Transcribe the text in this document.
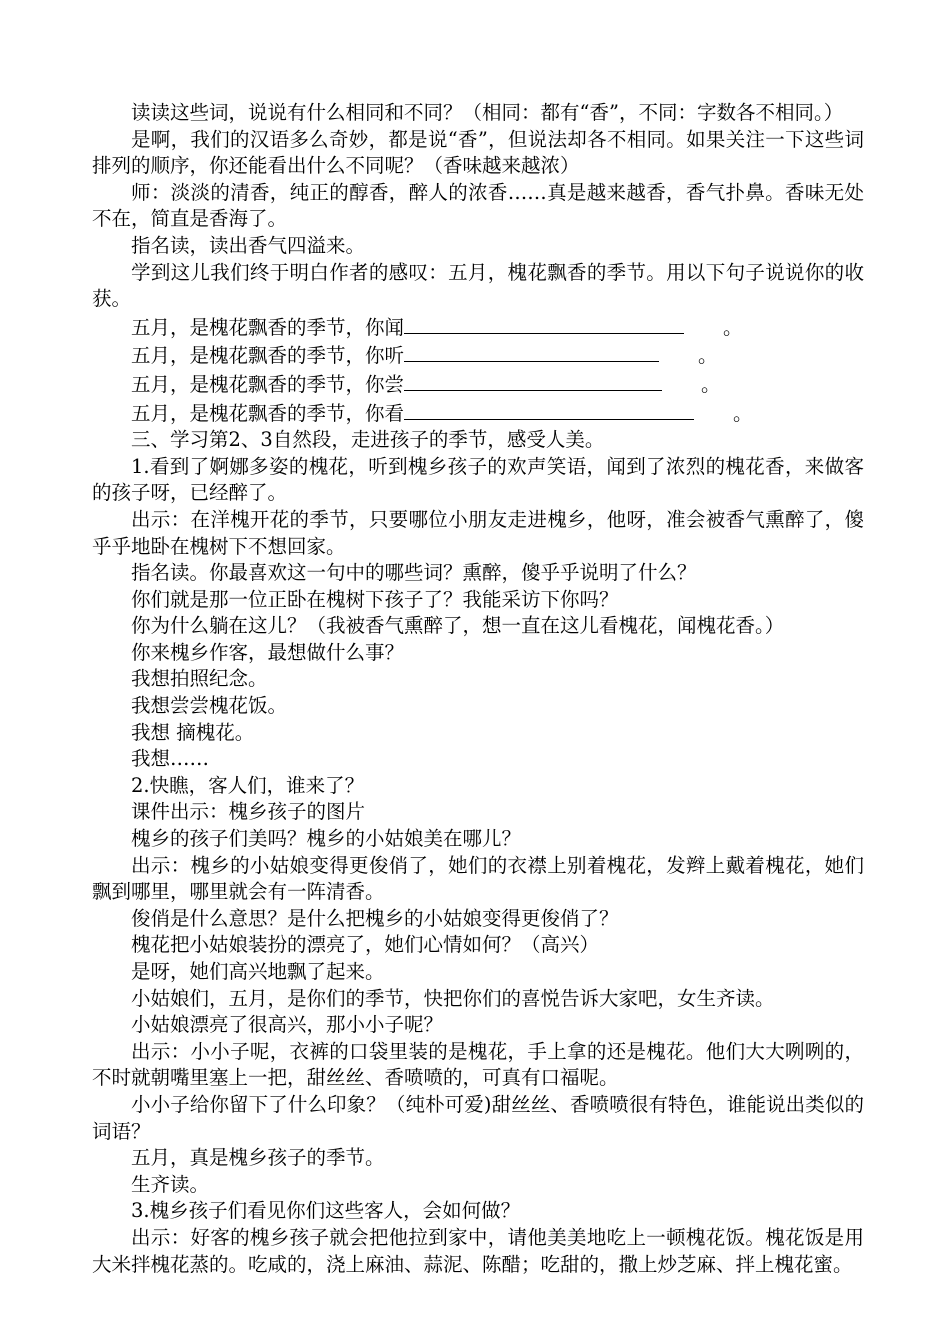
读读这些词，说说有什么相同和不同？（相同：都有“香”，不同：字数各不相同。）

是啊，我们的汉语多么奇妙，都是说“香”，但说法却各不相同。如果关注一下这些词排列的顺序，你还能看出什么不同呢？（香味越来越浓）

师：淡淡的清香，纯正的醇香，醉人的浓香……真是越来越香，香气扑鼻。香味无处不在，简直是香海了。

指名读，读出香气四溢来。

学到这儿我们终于明白作者的感叹：五月，槐花飘香的季节。用以下句子说说你的收获。

五月，是槐花飘香的季节，你闻	。

五月，是槐花飘香的季节，你听	。

五月，是槐花飘香的季节，你尝	。

五月，是槐花飘香的季节，你看	。

三、学习第2、3自然段，走进孩子的季节，感受人美。

1.看到了婀娜多姿的槐花，听到槐乡孩子的欢声笑语，闻到了浓烈的槐花香，来做客的孩子呀，已经醉了。

出示：在洋槐开花的季节，只要哪位小朋友走进槐乡，他呀，准会被香气熏醉了，傻乎乎地卧在槐树下不想回家。

指名读。你最喜欢这一句中的哪些词？熏醉，傻乎乎说明了什么？

你们就是那一位正卧在槐树下孩子了？我能采访下你吗？

你为什么躺在这儿？（我被香气熏醉了，想一直在这儿看槐花，闻槐花香。）

你来槐乡作客，最想做什么事？

我想拍照纪念。

我想尝尝槐花饭。

我想 摘槐花。

我想……

2.快瞧，客人们，谁来了？

课件出示：槐乡孩子的图片

槐乡的孩子们美吗？槐乡的小姑娘美在哪儿？

出示：槐乡的小姑娘变得更俊俏了，她们的衣襟上别着槐花，发辫上戴着槐花，她们飘到哪里，哪里就会有一阵清香。

俊俏是什么意思？是什么把槐乡的小姑娘变得更俊俏了？

槐花把小姑娘装扮的漂亮了，她们心情如何？（高兴）

是呀，她们高兴地飘了起来。

小姑娘们，五月，是你们的季节，快把你们的喜悦告诉大家吧，女生齐读。

小姑娘漂亮了很高兴，那小小子呢？

出示：小小子呢，衣裤的口袋里装的是槐花，手上拿的还是槐花。他们大大咧咧的，不时就朝嘴里塞上一把，甜丝丝、香喷喷的，可真有口福呢。

小小子给你留下了什么印象？（纯朴可爱)甜丝丝、香喷喷很有特色，谁能说出类似的词语？

五月，真是槐乡孩子的季节。

生齐读。

3.槐乡孩子们看见你们这些客人，会如何做？

出示：好客的槐乡孩子就会把他拉到家中，请他美美地吃上一顿槐花饭。槐花饭是用大米拌槐花蒸的。吃咸的，浇上麻油、蒜泥、陈醋；吃甜的，撒上炒芝麻、拌上槐花蜜。
